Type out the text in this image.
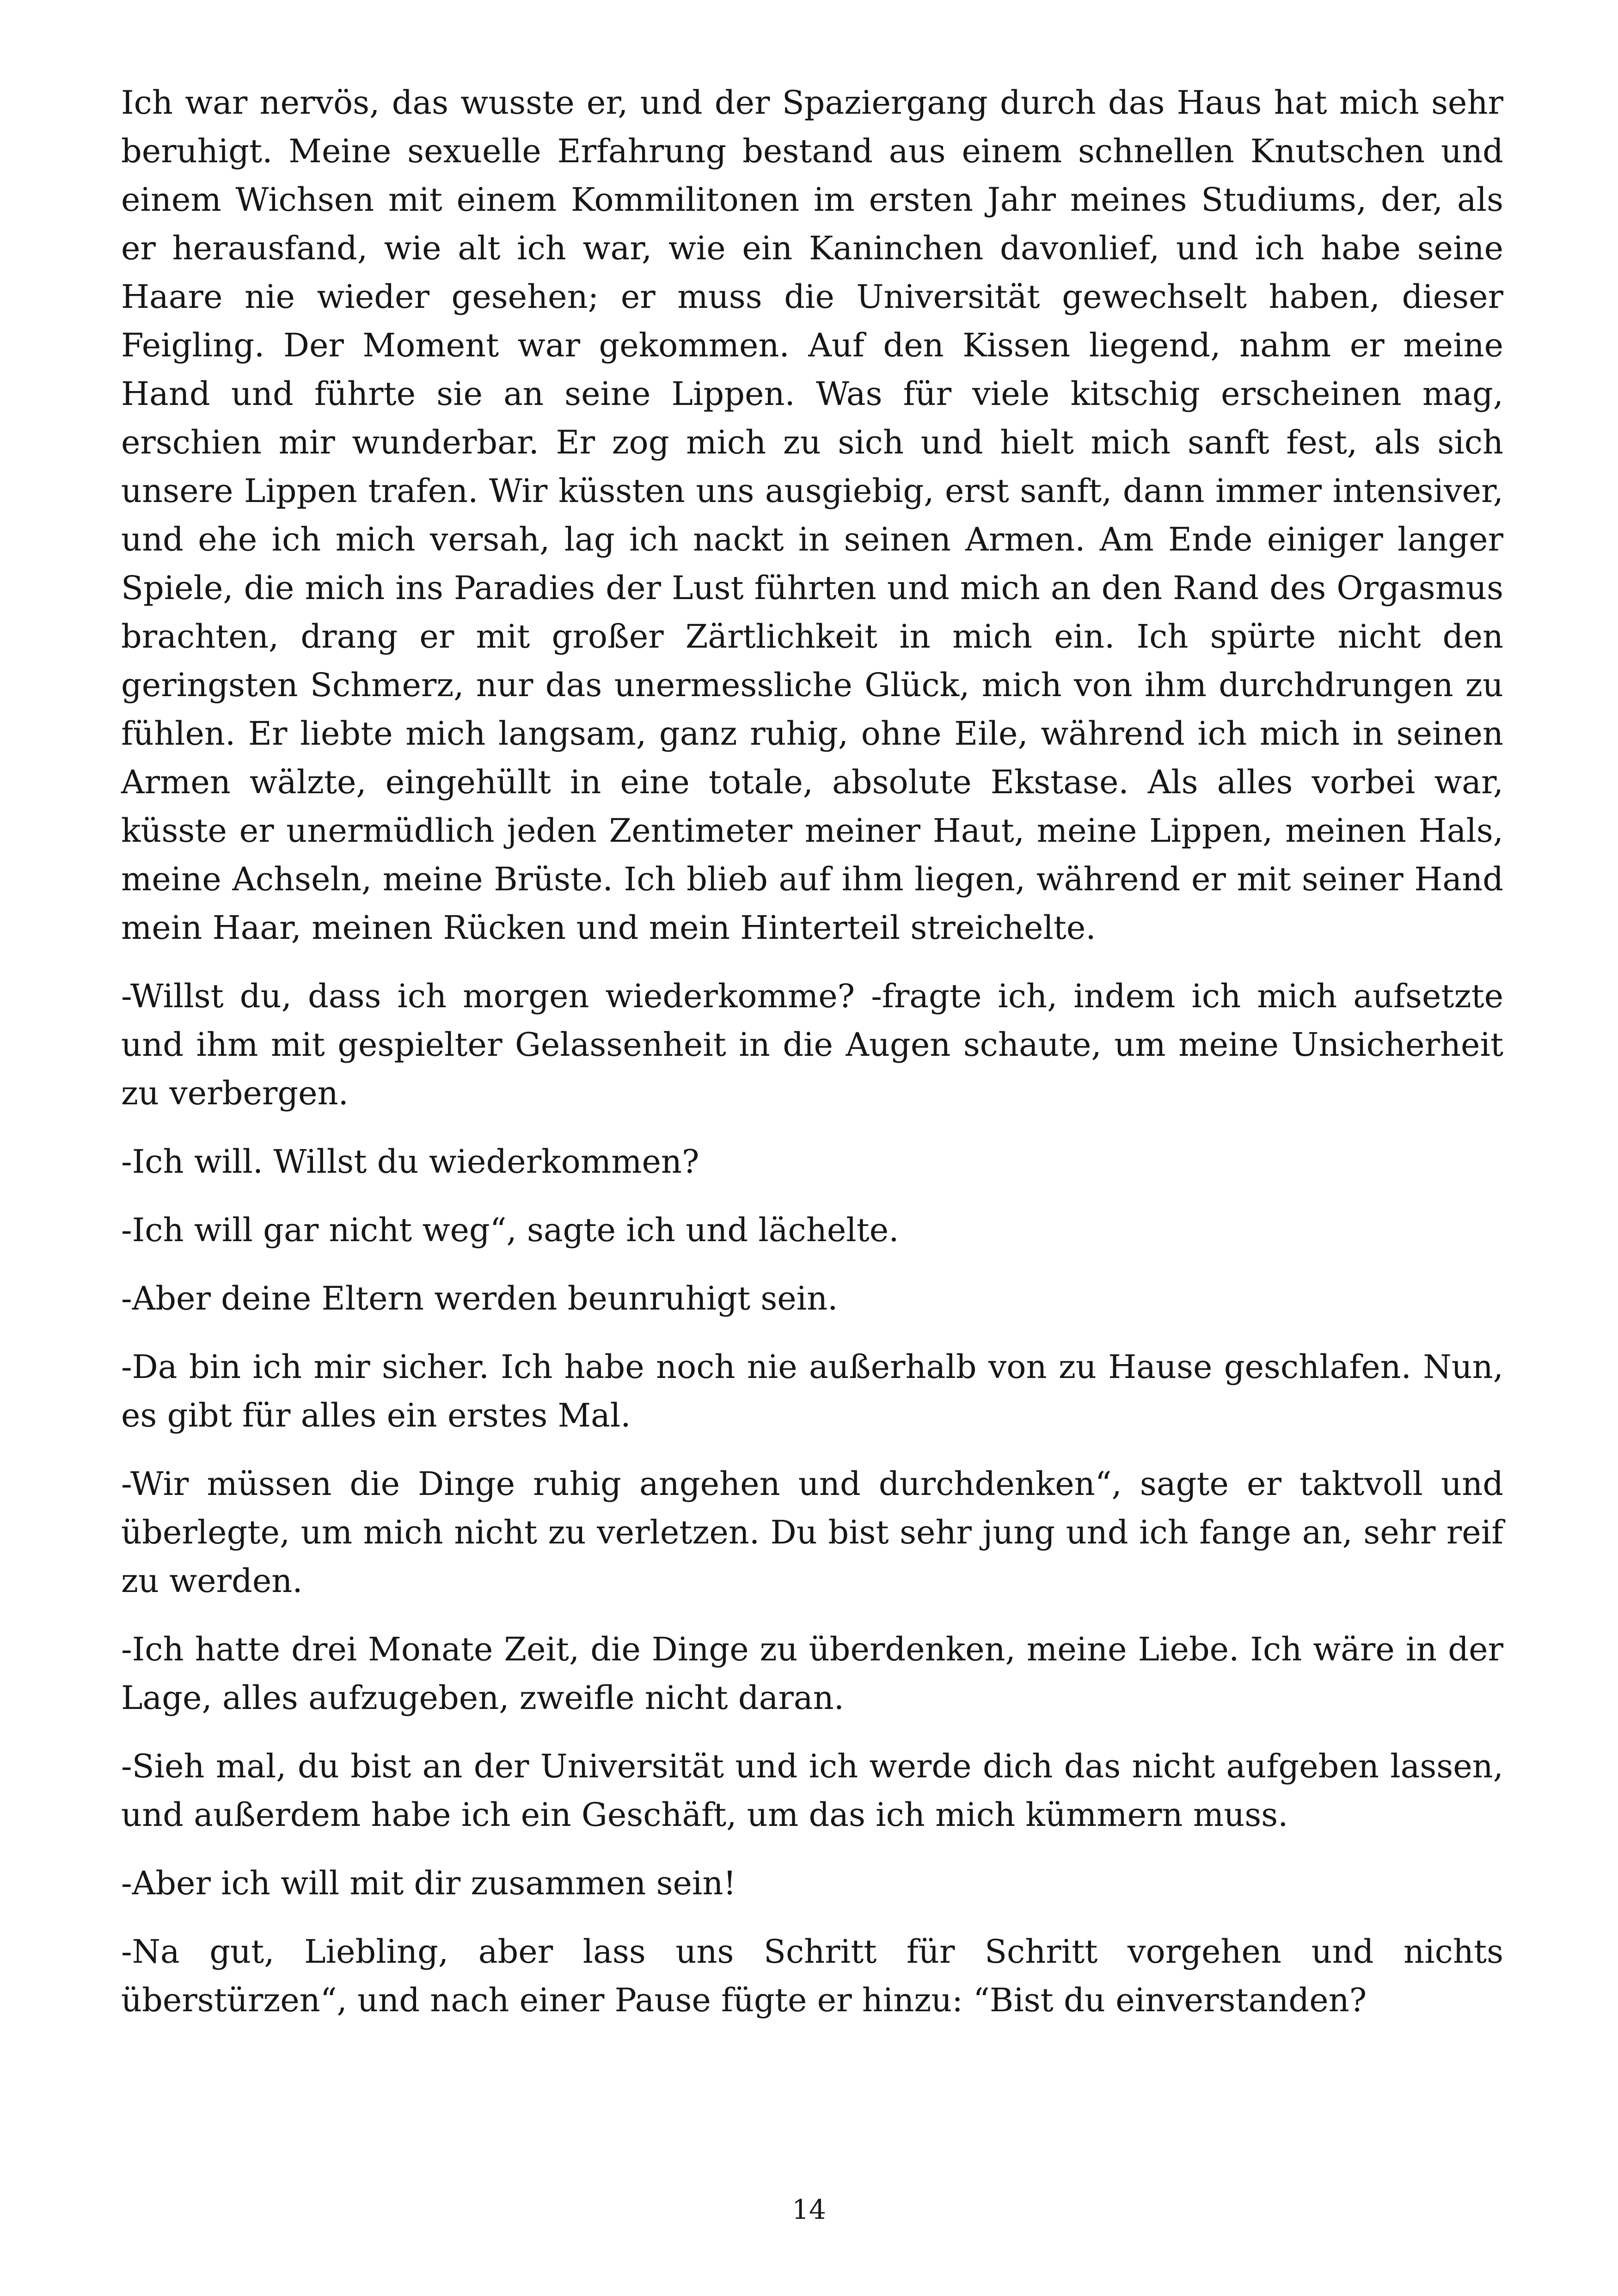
Ich war nervös, das wusste er, und der Spaziergang durch das Haus hat mich sehr beruhigt. Meine sexuelle Erfahrung bestand aus einem schnellen Knutschen und einem Wichsen mit einem Kommilitonen im ersten Jahr meines Studiums, der, als er herausfand, wie alt ich war, wie ein Kaninchen davonlief, und ich habe seine Haare nie wieder gesehen; er muss die Universität gewechselt haben, dieser Feigling. Der Moment war gekommen. Auf den Kissen liegend, nahm er meine Hand und führte sie an seine Lippen. Was für viele kitschig erscheinen mag, erschien mir wunderbar. Er zog mich zu sich und hielt mich sanft fest, als sich unsere Lippen trafen. Wir küssten uns ausgiebig, erst sanft, dann immer intensiver, und ehe ich mich versah, lag ich nackt in seinen Armen. Am Ende einiger langer Spiele, die mich ins Paradies der Lust führten und mich an den Rand des Orgasmus brachten, drang er mit großer Zärtlichkeit in mich ein. Ich spürte nicht den geringsten Schmerz, nur das unermessliche Glück, mich von ihm durchdrungen zu fühlen. Er liebte mich langsam, ganz ruhig, ohne Eile, während ich mich in seinen Armen wälzte, eingehüllt in eine totale, absolute Ekstase. Als alles vorbei war, küsste er unermüdlich jeden Zentimeter meiner Haut, meine Lippen, meinen Hals, meine Achseln, meine Brüste. Ich blieb auf ihm liegen, während er mit seiner Hand mein Haar, meinen Rücken und mein Hinterteil streichelte.

-Willst du, dass ich morgen wiederkomme? -fragte ich, indem ich mich aufsetzte und ihm mit gespielter Gelassenheit in die Augen schaute, um meine Unsicherheit zu verbergen.

-Ich will. Willst du wiederkommen?

-Ich will gar nicht weg“, sagte ich und lächelte.

-Aber deine Eltern werden beunruhigt sein.

-Da bin ich mir sicher. Ich habe noch nie außerhalb von zu Hause geschlafen. Nun, es gibt für alles ein erstes Mal.

-Wir müssen die Dinge ruhig angehen und durchdenken“, sagte er taktvoll und überlegte, um mich nicht zu verletzen. Du bist sehr jung und ich fange an, sehr reif zu werden.

-Ich hatte drei Monate Zeit, die Dinge zu überdenken, meine Liebe. Ich wäre in der Lage, alles aufzugeben, zweifle nicht daran.

-Sieh mal, du bist an der Universität und ich werde dich das nicht aufgeben lassen, und außerdem habe ich ein Geschäft, um das ich mich kümmern muss.

-Aber ich will mit dir zusammen sein!

-Na gut, Liebling, aber lass uns Schritt für Schritt vorgehen und nichts überstürzen“, und nach einer Pause fügte er hinzu: “Bist du einverstanden?

14
